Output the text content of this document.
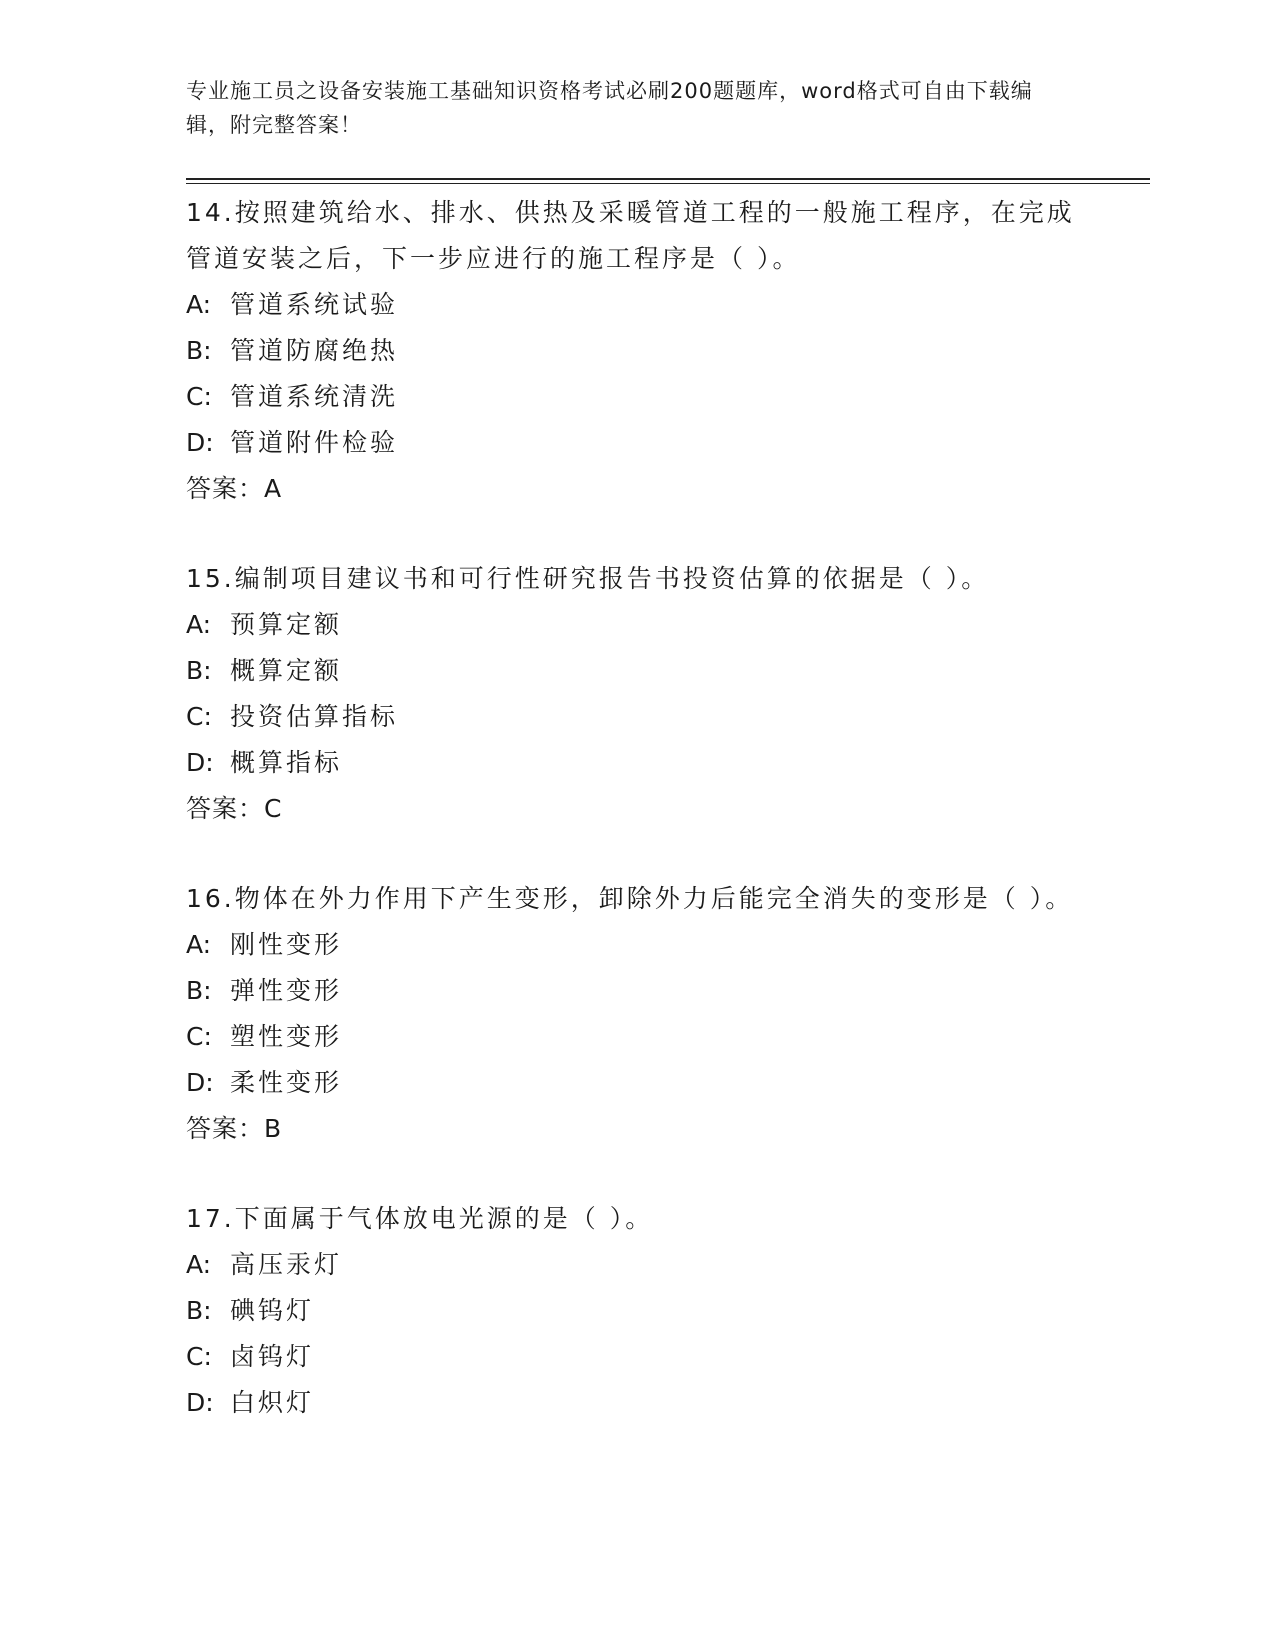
专业施工员之设备安装施工基础知识资格考试必刷200题题库，word格式可自由下载编辑，附完整答案！
14.按照建筑给水、排水、供热及采暖管道工程的一般施工程序，在完成管道安装之后，下一步应进行的施工程序是（ ）。
A: 管道系统试验
B: 管道防腐绝热
C: 管道系统清洗
D: 管道附件检验
答案：A
15.编制项目建议书和可行性研究报告书投资估算的依据是（ ）。
A: 预算定额
B: 概算定额
C: 投资估算指标
D: 概算指标
答案：C
16.物体在外力作用下产生变形，卸除外力后能完全消失的变形是（ ）。
A: 刚性变形
B: 弹性变形
C: 塑性变形
D: 柔性变形
答案：B
17.下面属于气体放电光源的是（ ）。
A: 高压汞灯
B: 碘钨灯
C: 卤钨灯
D: 白炽灯
